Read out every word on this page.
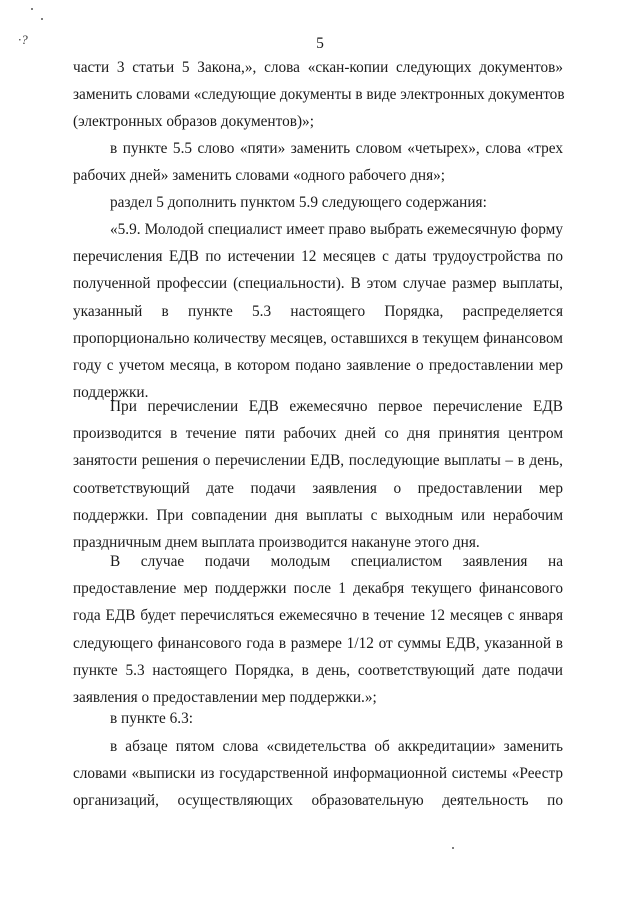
·?	5

части 3 статьи 5 Закона,», слова «скан-копии следующих документов»

заменить словами «следующие документы в виде электронных документов

(электронных образов документов)»;

в пункте 5.5 слово «пяти» заменить словом «четырех», слова «трех

рабочих дней» заменить словами «одного рабочего дня»;

раздел 5 дополнить пунктом 5.9 следующего содержания:

«5.9. Молодой специалист имеет право выбрать ежемесячную форму

перечисления ЕДВ по истечении 12 месяцев с даты трудоустройства по

полученной профессии (специальности). В этом случае размер выплаты,

указанный в пункте 5.3 настоящего Порядка, распределяется

пропорционально количеству месяцев, оставшихся в текущем финансовом

году с учетом месяца, в котором подано заявление о предоставлении мер

поддержки.

При перечислении ЕДВ ежемесячно первое перечисление ЕДВ

производится в течение пяти рабочих дней со дня принятия центром

занятости решения о перечислении ЕДВ, последующие выплаты – в день,

соответствующий дате подачи заявления о предоставлении мер

поддержки. При совпадении дня выплаты с выходным или нерабочим

праздничным днем выплата производится накануне этого дня.

В случае подачи молодым специалистом заявления на

предоставление мер поддержки после 1 декабря текущего финансового

года ЕДВ будет перечисляться ежемесячно в течение 12 месяцев с января

следующего финансового года в размере 1/12 от суммы ЕДВ, указанной в

пункте 5.3 настоящего Порядка, в день, соответствующий дате подачи

заявления о предоставлении мер поддержки.»;

в пункте 6.3:

в абзаце пятом слова «свидетельства об аккредитации» заменить

словами «выписки из государственной информационной системы «Реестр

организаций, осуществляющих образовательную деятельность по
